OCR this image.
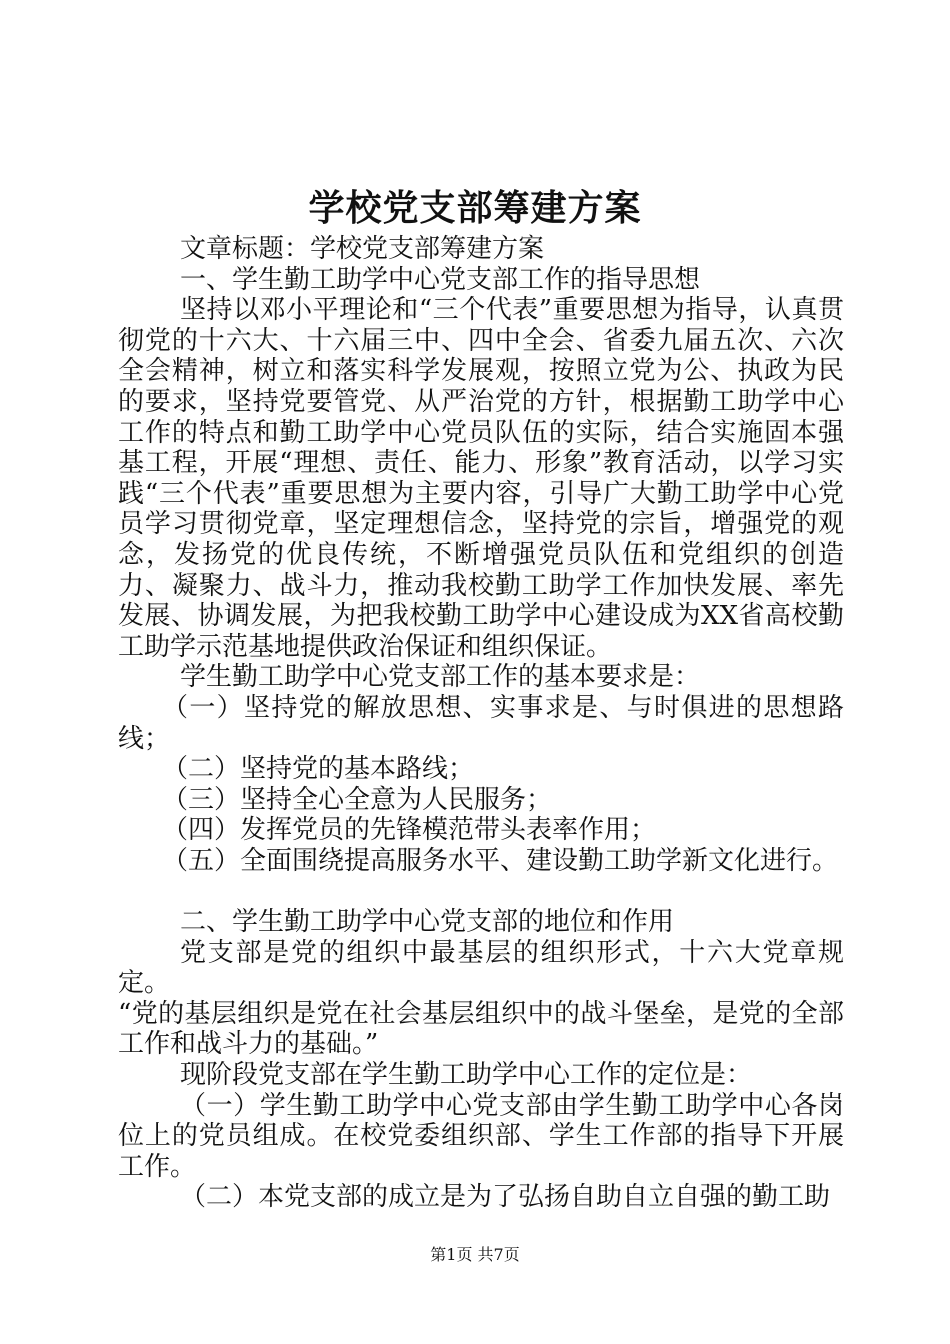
学校党支部筹建方案

文章标题：学校党支部筹建方案

一、学生勤工助学中心党支部工作的指导思想

坚持以邓小平理论和“三个代表”重要思想为指导，认真贯彻党的十六大、十六届三中、四中全会、省委九届五次、六次全会精神，树立和落实科学发展观，按照立党为公、执政为民的要求，坚持党要管党、从严治党的方针，根据勤工助学中心工作的特点和勤工助学中心党员队伍的实际，结合实施固本强基工程，开展“理想、责任、能力、形象”教育活动，以学习实践“三个代表”重要思想为主要内容，引导广大勤工助学中心党员学习贯彻党章，坚定理想信念，坚持党的宗旨，增强党的观念，发扬党的优良传统，不断增强党员队伍和党组织的创造力、凝聚力、战斗力，推动我校勤工助学工作加快发展、率先发展、协调发展，为把我校勤工助学中心建设成为XX省高校勤工助学示范基地提供政治保证和组织保证。

学生勤工助学中心党支部工作的基本要求是：

（一）坚持党的解放思想、实事求是、与时俱进的思想路线；

（二）坚持党的基本路线；

（三）坚持全心全意为人民服务；

（四）发挥党员的先锋模范带头表率作用；

（五）全面围绕提高服务水平、建设勤工助学新文化进行。

二、学生勤工助学中心党支部的地位和作用

党支部是党的组织中最基层的组织形式，十六大党章规定。

“党的基层组织是党在社会基层组织中的战斗堡垒，是党的全部工作和战斗力的基础。”

现阶段党支部在学生勤工助学中心工作的定位是：

（一）学生勤工助学中心党支部由学生勤工助学中心各岗位上的党员组成。在校党委组织部、学生工作部的指导下开展工作。

（二）本党支部的成立是为了弘扬自助自立自强的勤工助

第1页 共7页
